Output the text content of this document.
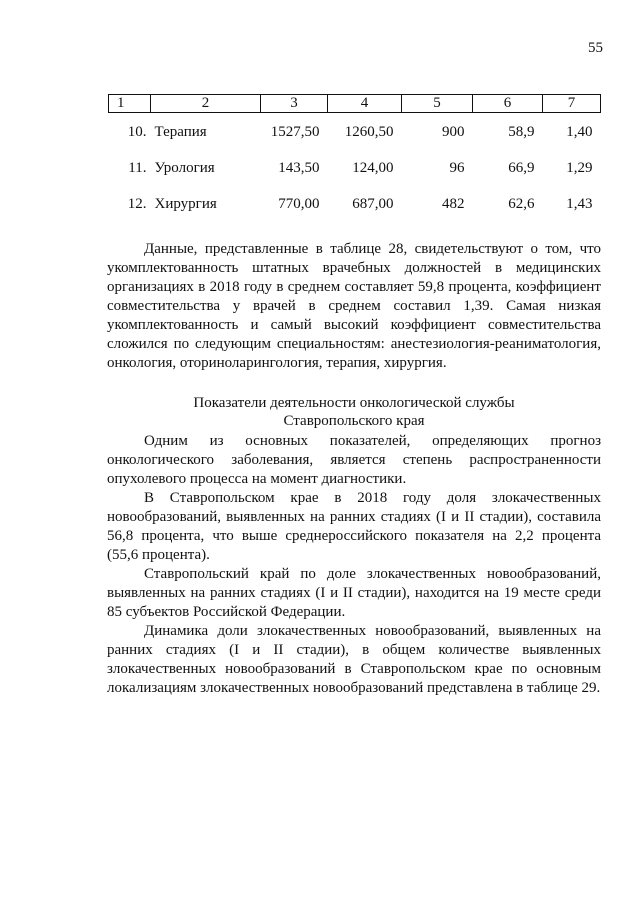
55
1	2	3	4	5	6	7
10.	Терапия	1527,50	1260,50	900	58,9	1,40
11.	Урология	143,50	124,00	96	66,9	1,29
12.	Хирургия	770,00	687,00	482	62,6	1,43

Данные, представленные в таблице 28, свидетельствуют о том, что укомплектованность штатных врачебных должностей в медицинских организациях в 2018 году в среднем составляет 59,8 процента, коэффициент совместительства у врачей в среднем составил 1,39. Самая низкая укомплектованность и самый высокий коэффициент совместительства сложился по следующим специальностям: анестезиология-реаниматология, онкология, оториноларингология, терапия, хирургия.

Показатели деятельности онкологической службы
Ставропольского края

Одним из основных показателей, определяющих прогноз онкологического заболевания, является степень распространенности опухолевого процесса на момент диагностики.

В Ставропольском крае в 2018 году доля злокачественных новообразований, выявленных на ранних стадиях (I и II стадии), составила 56,8 процента, что выше среднероссийского показателя на 2,2 процента (55,6 процента).

Ставропольский край по доле злокачественных новообразований, выявленных на ранних стадиях (I и II стадии), находится на 19 месте среди 85 субъектов Российской Федерации.

Динамика доли злокачественных новообразований, выявленных на ранних стадиях (I и II стадии), в общем количестве выявленных злокачественных новообразований в Ставропольском крае по основным локализациям злокачественных новообразований представлена в таблице 29.
